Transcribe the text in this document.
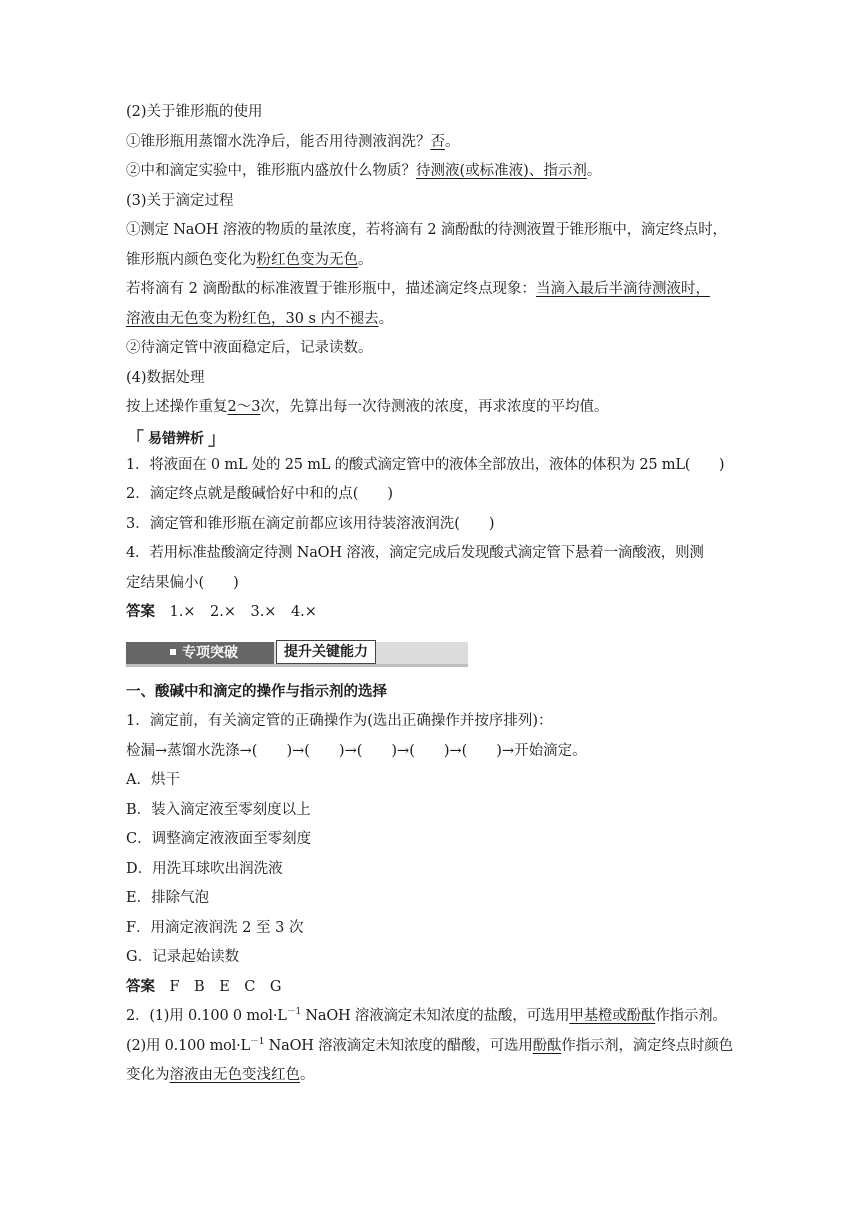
(2)关于锥形瓶的使用
①锥形瓶用蒸馏水洗净后，能否用待测液润洗？否。
②中和滴定实验中，锥形瓶内盛放什么物质？待测液(或标准液)、指示剂。
(3)关于滴定过程
①测定 NaOH 溶液的物质的量浓度，若将滴有 2 滴酚酞的待测液置于锥形瓶中，滴定终点时，
锥形瓶内颜色变化为粉红色变为无色。
若将滴有 2 滴酚酞的标准液置于锥形瓶中，描述滴定终点现象：当滴入最后半滴待测液时，
溶液由无色变为粉红色，30 s 内不褪去。
②待滴定管中液面稳定后，记录读数。
(4)数据处理
按上述操作重复2～3次，先算出每一次待测液的浓度，再求浓度的平均值。
「 易错辨析 」
1．将液面在 0 mL 处的 25 mL 的酸式滴定管中的液体全部放出，液体的体积为 25 mL(　　)
2．滴定终点就是酸碱恰好中和的点(　　)
3．滴定管和锥形瓶在滴定前都应该用待装溶液润洗(　　)
4．若用标准盐酸滴定待测 NaOH 溶液，滴定完成后发现酸式滴定管下悬着一滴酸液，则测
定结果偏小(　　)
答案　 1.×　2.×　3.×　4.×
专项突破	提升关键能力
一、酸碱中和滴定的操作与指示剂的选择
1．滴定前，有关滴定管的正确操作为(选出正确操作并按序排列)：
检漏→蒸馏水洗涤→(　　)→(　　)→(　　)→(　　)→(　　)→开始滴定。
A．烘干
B．装入滴定液至零刻度以上
C．调整滴定液液面至零刻度
D．用洗耳球吹出润洗液
E．排除气泡
F．用滴定液润洗 2 至 3 次
G．记录起始读数
答案　 F　B　E　C　G
2．(1)用 0.100 0 $mol\cdot L^{-1}$ NaOH 溶液滴定未知浓度的盐酸，可选用甲基橙或酚酞作指示剂。
(2)用 0.100 $mol\cdot L^{-1}$ NaOH 溶液滴定未知浓度的醋酸，可选用酚酞作指示剂，滴定终点时颜色
变化为溶液由无色变浅红色。
